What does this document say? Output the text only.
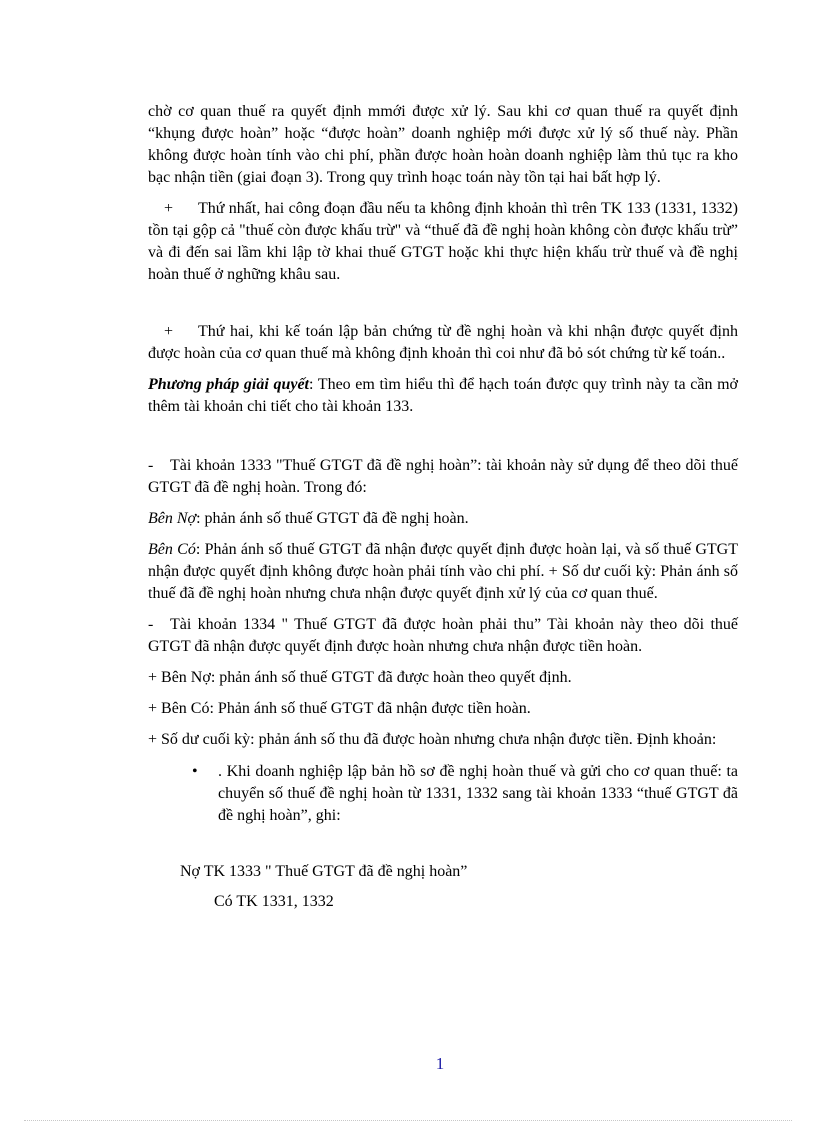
chờ cơ quan thuế ra quyết định mmới được xử lý. Sau khi cơ quan thuế ra quyết định “khụng được hoàn” hoặc “được hoàn” doanh nghiệp mới được xử lý số thuế này. Phần không được hoàn tính vào chi phí, phần được hoàn hoàn doanh nghiệp làm thủ tục ra kho bạc nhận tiền (giai đoạn 3). Trong quy trình hoạc toán này tồn tại hai bất hợp lý.

+ Thứ nhất, hai công đoạn đầu nếu ta không định khoản thì trên TK 133 (1331, 1332) tồn tại gộp cả "thuế còn được khấu trừ" và “thuế đã đề nghị hoàn không còn được khấu trừ” và đi đến sai lầm khi lập tờ khai thuế GTGT hoặc khi thực hiện khấu trừ thuế và đề nghị hoàn thuế ở nghững khâu sau.

+ Thứ hai, khi kế toán lập bản chứng từ đề nghị hoàn và khi nhận được quyết định được hoàn của cơ quan thuế mà không định khoản thì coi như đã bỏ sót chứng từ kế toán..

Phương pháp giải quyết: Theo em tìm hiểu thì để hạch toán được quy trình này ta cần mở thêm tài khoản chi tiết cho tài khoản 133.

- Tài khoản 1333 "Thuế GTGT đã đề nghị hoàn”: tài khoản này sử dụng để theo dõi thuế GTGT đã đề nghị hoàn. Trong đó:

Bên Nợ: phản ánh số thuế GTGT đã đề nghị hoàn.

Bên Có: Phản ánh số thuế GTGT đã nhận được quyết định được hoàn lại, và số thuế GTGT nhận được quyết định không được hoàn phải tính vào chi phí. + Số dư cuối kỳ: Phản ánh số thuế đã đề nghị hoàn nhưng chưa nhận được quyết định xử lý của cơ quan thuế.

- Tài khoản 1334 " Thuế GTGT đã được hoàn phải thu” Tài khoản này theo dõi thuế GTGT đã nhận được quyết định được hoàn nhưng chưa nhận được tiền hoàn.

+ Bên Nợ: phản ánh số thuế GTGT đã được hoàn theo quyết định.

+ Bên Có: Phản ánh số thuế GTGT đã nhận được tiền hoàn.

+ Số dư cuối kỳ: phản ánh số thu đã được hoàn nhưng chưa nhận được tiền. Định khoản:

• . Khi doanh nghiệp lập bản hồ sơ đề nghị hoàn thuế và gửi cho cơ quan thuế: ta chuyển số thuế đề nghị hoàn từ 1331, 1332 sang tài khoản 1333 “thuế GTGT đã đề nghị hoàn”, ghi:

Nợ TK 1333 " Thuế GTGT đã đề nghị hoàn”

Có TK 1331, 1332

1
